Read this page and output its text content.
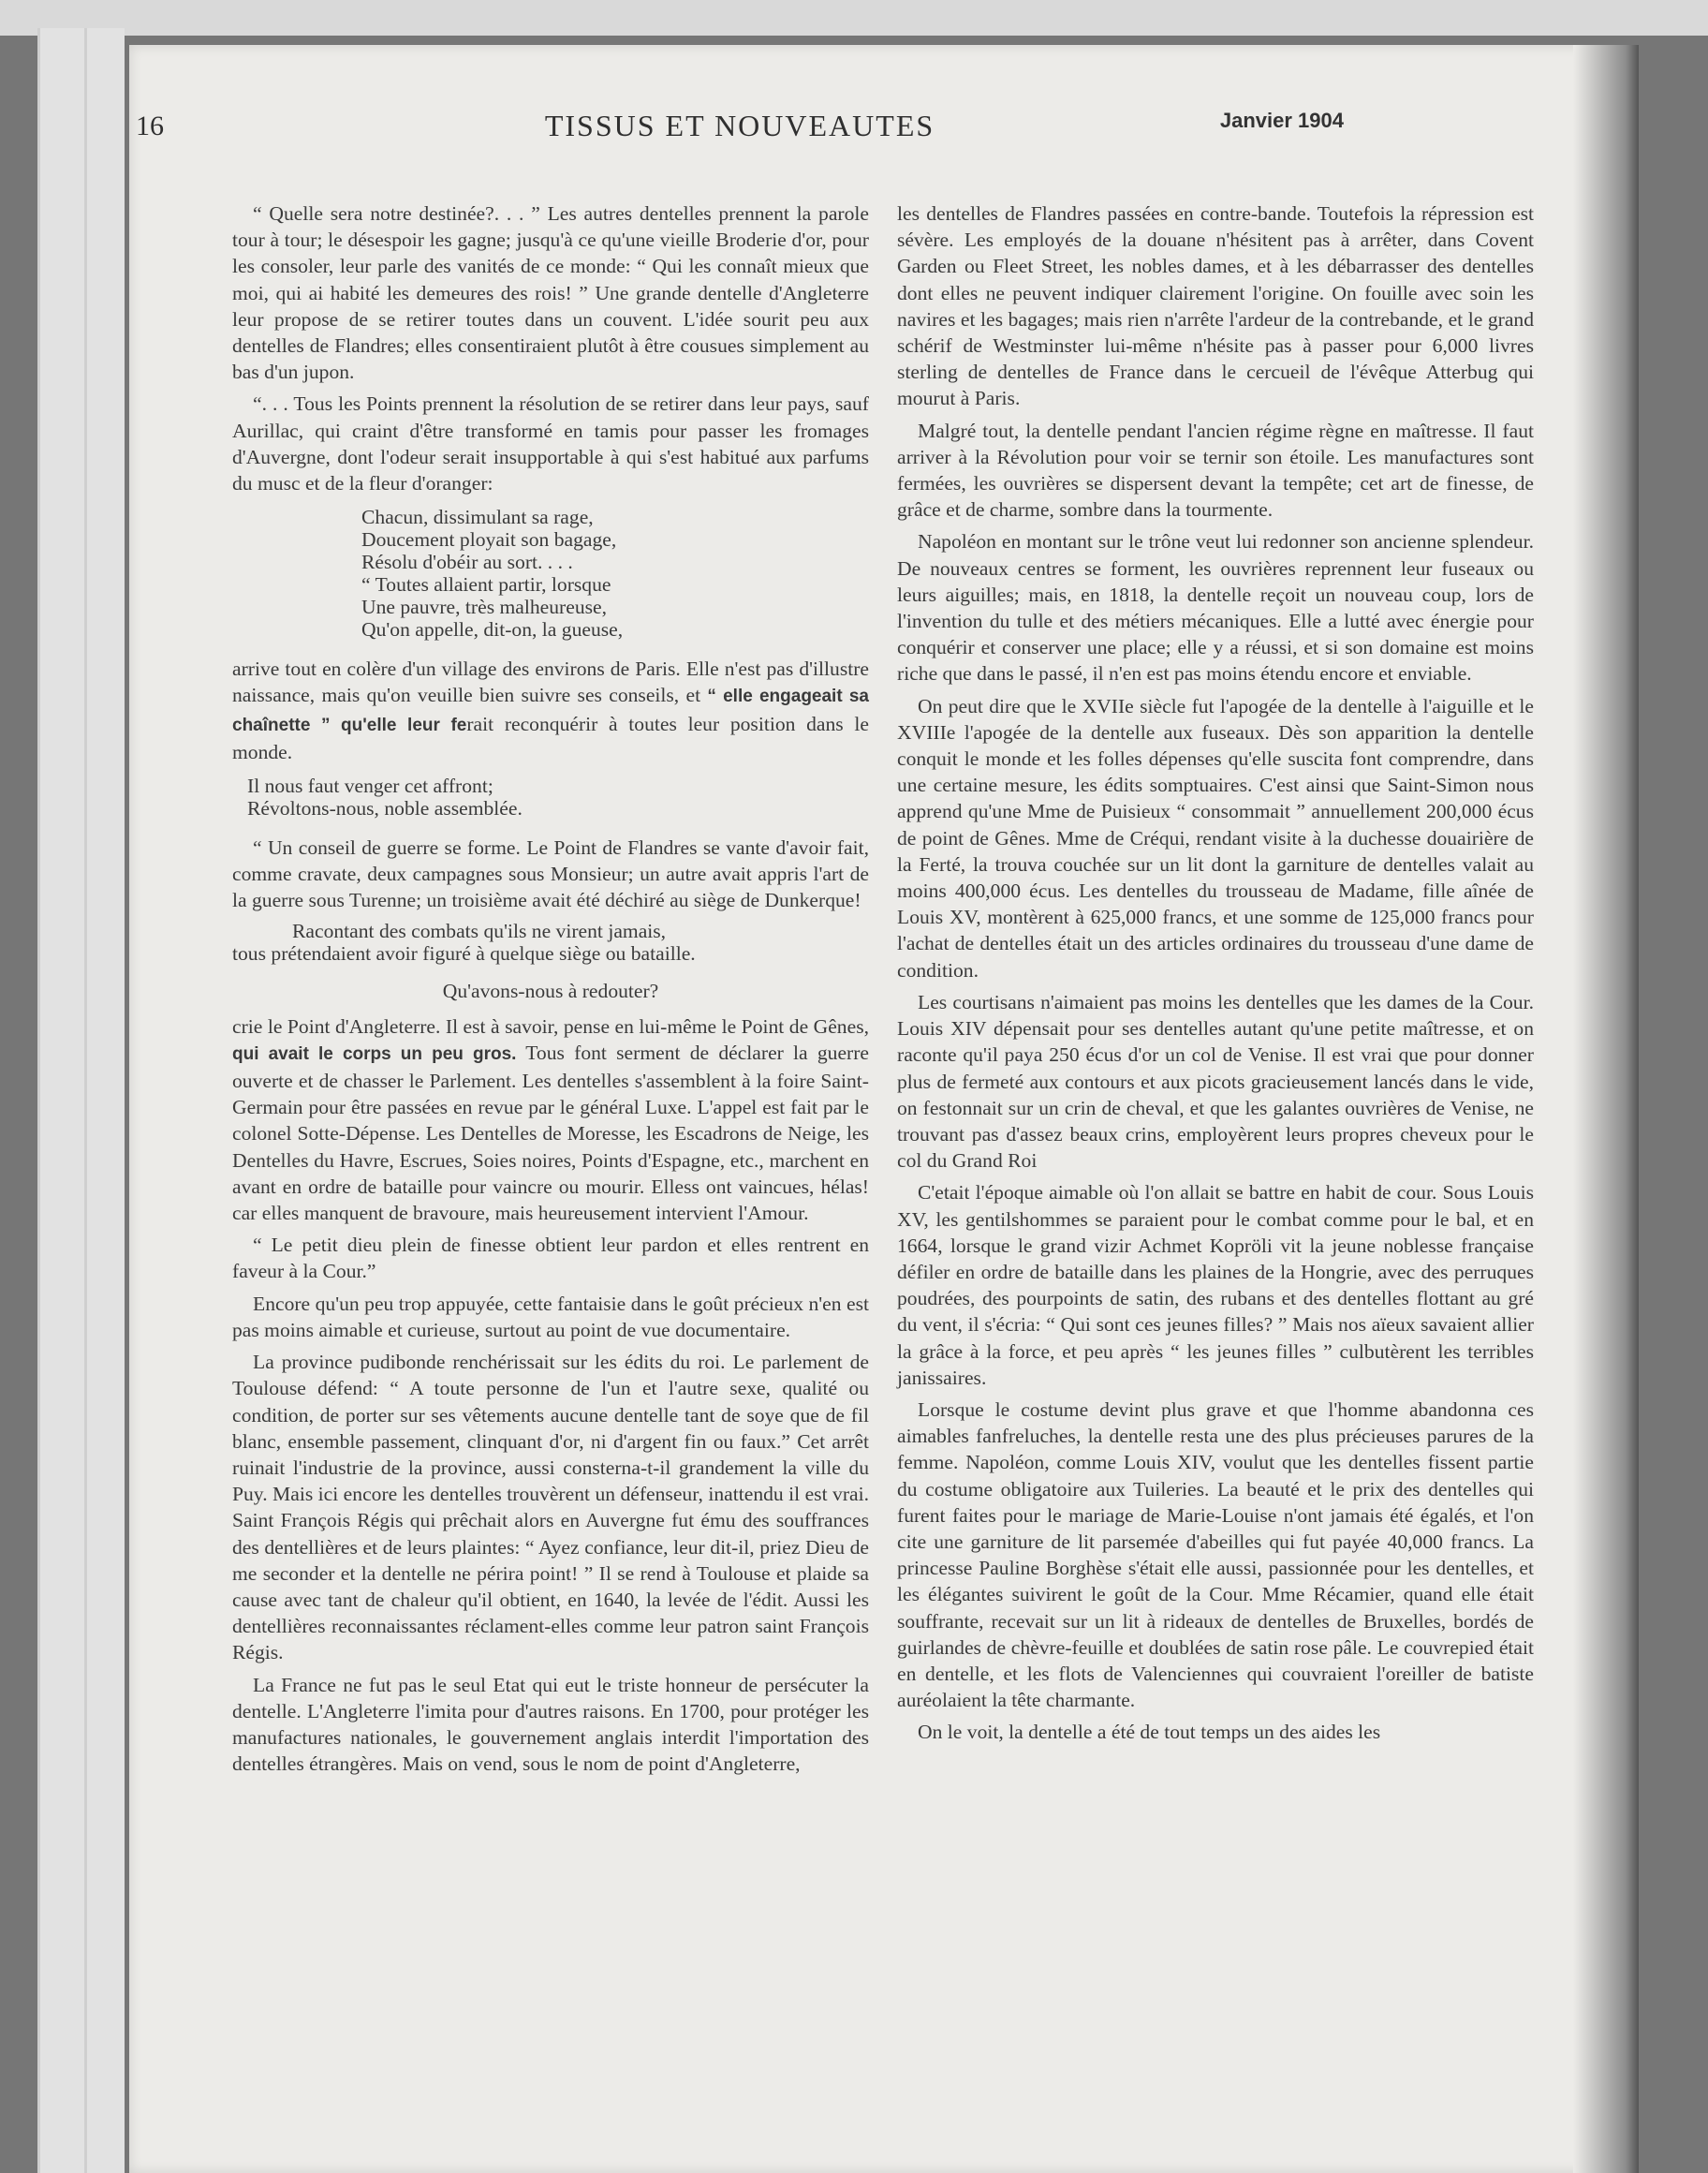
16	TISSUS ET NOUVEAUTES	Janvier 1904

“ Quelle sera notre destinée?. . . ” Les autres dentelles prennent la parole tour à tour; le désespoir les gagne; jusqu'à ce qu'une vieille Broderie d'or, pour les consoler, leur parle des vanités de ce monde: “ Qui les connaît mieux que moi, qui ai habité les demeures des rois! ” Une grande dentelle d'Angleterre leur propose de se retirer toutes dans un couvent. L'idée sourit peu aux dentelles de Flandres; elles consentiraient plutôt à être cousues simplement au bas d'un jupon.

“. . . Tous les Points prennent la résolution de se retirer dans leur pays, sauf Aurillac, qui craint d'être transformé en tamis pour passer les fromages d'Auvergne, dont l'odeur serait insupportable à qui s'est habitué aux parfums du musc et de la fleur d'oranger:

Chacun, dissimulant sa rage,
Doucement ployait son bagage,
Résolu d'obéir au sort. . . .
“ Toutes allaient partir, lorsque
Une pauvre, très malheureuse,
Qu'on appelle, dit-on, la gueuse,

arrive tout en colère d'un village des environs de Paris. Elle n'est pas d'illustre naissance, mais qu'on veuille bien suivre ses conseils, et “ elle engageait sa chaînette ” qu'elle leur ferait reconquérir à toutes leur position dans le monde.

Il nous faut venger cet affront;
Révoltons-nous, noble assemblée.

“ Un conseil de guerre se forme. Le Point de Flandres se vante d'avoir fait, comme cravate, deux campagnes sous Monsieur; un autre avait appris l'art de la guerre sous Turenne; un troisième avait été déchiré au siège de Dunkerque!

Racontant des combats qu'ils ne virent jamais,
tous prétendaient avoir figuré à quelque siège ou bataille.
Qu'avons-nous à redouter?

crie le Point d'Angleterre. Il est à savoir, pense en lui-même le Point de Gênes, qui avait le corps un peu gros. Tous font serment de déclarer la guerre ouverte et de chasser le Parlement. Les dentelles s'assemblent à la foire Saint-Germain pour être passées en revue par le général Luxe. L'appel est fait par le colonel Sotte-Dépense. Les Dentelles de Moresse, les Escadrons de Neige, les Dentelles du Havre, Escrues, Soies noires, Points d'Espagne, etc., marchent en avant en ordre de bataille pour vaincre ou mourir. Elless ont vaincues, hélas! car elles manquent de bravoure, mais heureusement intervient l'Amour.

“ Le petit dieu plein de finesse obtient leur pardon et elles rentrent en faveur à la Cour.”

Encore qu'un peu trop appuyée, cette fantaisie dans le goût précieux n'en est pas moins aimable et curieuse, surtout au point de vue documentaire.

La province pudibonde renchérissait sur les édits du roi. Le parlement de Toulouse défend: “ A toute personne de l'un et l'autre sexe, qualité ou condition, de porter sur ses vêtements aucune dentelle tant de soye que de fil blanc, ensemble passement, clinquant d'or, ni d'argent fin ou faux.” Cet arrêt ruinait l'industrie de la province, aussi consterna-t-il grandement la ville du Puy. Mais ici encore les dentelles trouvèrent un défenseur, inattendu il est vrai. Saint François Régis qui prêchait alors en Auvergne fut ému des souffrances des dentellières et de leurs plaintes: “ Ayez confiance, leur dit-il, priez Dieu de me seconder et la dentelle ne périra point! ” Il se rend à Toulouse et plaide sa cause avec tant de chaleur qu'il obtient, en 1640, la levée de l'édit. Aussi les dentellières reconnaissantes réclament-elles comme leur patron saint François Régis.

La France ne fut pas le seul Etat qui eut le triste honneur de persécuter la dentelle. L'Angleterre l'imita pour d'autres raisons. En 1700, pour protéger les manufactures nationales, le gouvernement anglais interdit l'importation des dentelles étrangères. Mais on vend, sous le nom de point d'Angleterre,

les dentelles de Flandres passées en contre-bande. Toutefois la répression est sévère. Les employés de la douane n'hésitent pas à arrêter, dans Covent Garden ou Fleet Street, les nobles dames, et à les débarrasser des dentelles dont elles ne peuvent indiquer clairement l'origine. On fouille avec soin les navires et les bagages; mais rien n'arrête l'ardeur de la contrebande, et le grand schérif de Westminster lui-même n'hésite pas à passer pour 6,000 livres sterling de dentelles de France dans le cercueil de l'évêque Atterbug qui mourut à Paris.

Malgré tout, la dentelle pendant l'ancien régime règne en maîtresse. Il faut arriver à la Révolution pour voir se ternir son étoile. Les manufactures sont fermées, les ouvrières se dispersent devant la tempête; cet art de finesse, de grâce et de charme, sombre dans la tourmente.

Napoléon en montant sur le trône veut lui redonner son ancienne splendeur. De nouveaux centres se forment, les ouvrières reprennent leur fuseaux ou leurs aiguilles; mais, en 1818, la dentelle reçoit un nouveau coup, lors de l'invention du tulle et des métiers mécaniques. Elle a lutté avec énergie pour conquérir et conserver une place; elle y a réussi, et si son domaine est moins riche que dans le passé, il n'en est pas moins étendu encore et enviable.

On peut dire que le XVIIe siècle fut l'apogée de la dentelle à l'aiguille et le XVIIIe l'apogée de la dentelle aux fuseaux. Dès son apparition la dentelle conquit le monde et les folles dépenses qu'elle suscita font comprendre, dans une certaine mesure, les édits somptuaires. C'est ainsi que Saint-Simon nous apprend qu'une Mme de Puisieux “ consommait ” annuellement 200,000 écus de point de Gênes. Mme de Créqui, rendant visite à la duchesse douairière de la Ferté, la trouva couchée sur un lit dont la garniture de dentelles valait au moins 400,000 écus. Les dentelles du trousseau de Madame, fille aînée de Louis XV, montèrent à 625,000 francs, et une somme de 125,000 francs pour l'achat de dentelles était un des articles ordinaires du trousseau d'une dame de condition.

Les courtisans n'aimaient pas moins les dentelles que les dames de la Cour. Louis XIV dépensait pour ses dentelles autant qu'une petite maîtresse, et on raconte qu'il paya 250 écus d'or un col de Venise. Il est vrai que pour donner plus de fermeté aux contours et aux picots gracieusement lancés dans le vide, on festonnait sur un crin de cheval, et que les galantes ouvrières de Venise, ne trouvant pas d'assez beaux crins, employèrent leurs propres cheveux pour le col du Grand Roi

C'etait l'époque aimable où l'on allait se battre en habit de cour. Sous Louis XV, les gentilshommes se paraient pour le combat comme pour le bal, et en 1664, lorsque le grand vizir Achmet Kopröli vit la jeune noblesse française défiler en ordre de bataille dans les plaines de la Hongrie, avec des perruques poudrées, des pourpoints de satin, des rubans et des dentelles flottant au gré du vent, il s'écria: “ Qui sont ces jeunes filles? ” Mais nos aïeux savaient allier la grâce à la force, et peu après “ les jeunes filles ” culbutèrent les terribles janissaires.

Lorsque le costume devint plus grave et que l'homme abandonna ces aimables fanfreluches, la dentelle resta une des plus précieuses parures de la femme. Napoléon, comme Louis XIV, voulut que les dentelles fissent partie du costume obligatoire aux Tuileries. La beauté et le prix des dentelles qui furent faites pour le mariage de Marie-Louise n'ont jamais été égalés, et l'on cite une garniture de lit parsemée d'abeilles qui fut payée 40,000 francs. La princesse Pauline Borghèse s'était elle aussi, passionnée pour les dentelles, et les élégantes suivirent le goût de la Cour. Mme Récamier, quand elle était souffrante, recevait sur un lit à rideaux de dentelles de Bruxelles, bordés de guirlandes de chèvre-feuille et doublées de satin rose pâle. Le couvrepied était en dentelle, et les flots de Valenciennes qui couvraient l'oreiller de batiste auréolaient la tête charmante.

On le voit, la dentelle a été de tout temps un des aides les
